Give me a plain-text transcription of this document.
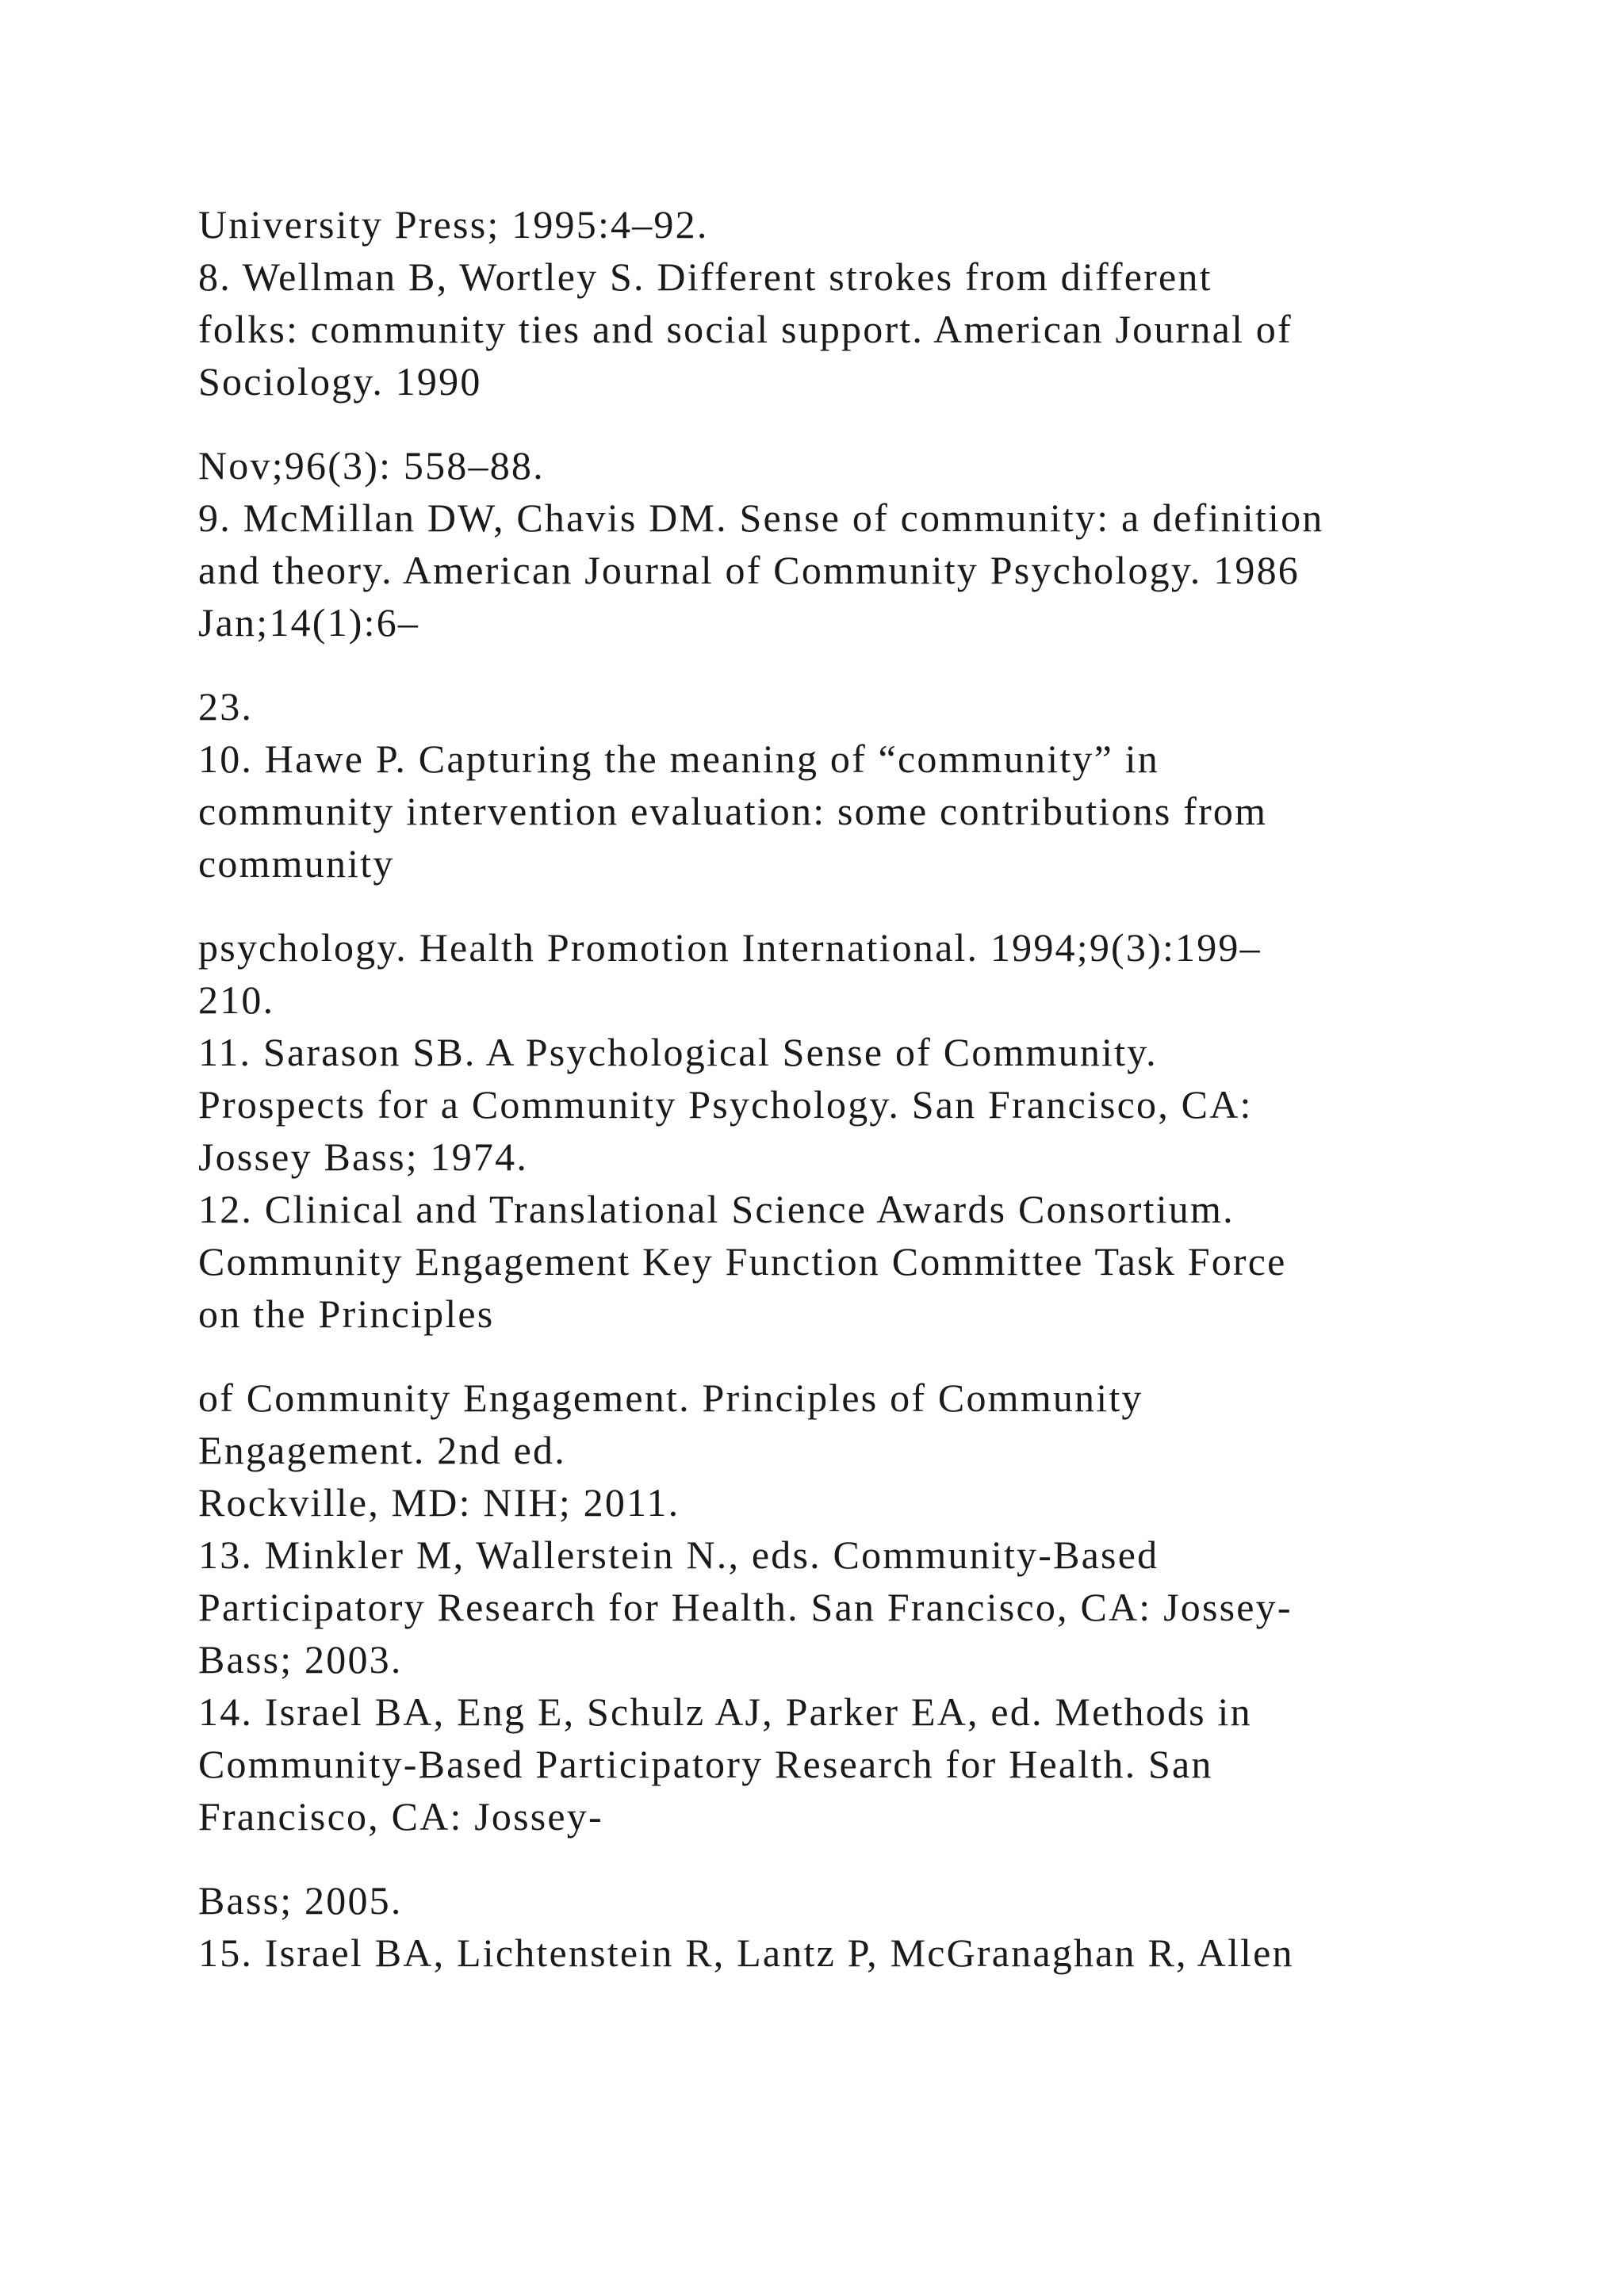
University Press; 1995:4–92.
8. Wellman B, Wortley S. Different strokes from different
folks: community ties and social support. American Journal of
Sociology. 1990
Nov;96(3): 558–88.
9. McMillan DW, Chavis DM. Sense of community: a definition
and theory. American Journal of Community Psychology. 1986
Jan;14(1):6–
23.
10. Hawe P. Capturing the meaning of “community” in
community intervention evaluation: some contributions from
community
psychology. Health Promotion International. 1994;9(3):199–
210.
11. Sarason SB. A Psychological Sense of Community.
Prospects for a Community Psychology. San Francisco, CA:
Jossey Bass; 1974.
12. Clinical and Translational Science Awards Consortium.
Community Engagement Key Function Committee Task Force
on the Principles
of Community Engagement. Principles of Community
Engagement. 2nd ed.
Rockville, MD: NIH; 2011.
13. Minkler M, Wallerstein N., eds. Community-Based
Participatory Research for Health. San Francisco, CA: Jossey-
Bass; 2003.
14. Israel BA, Eng E, Schulz AJ, Parker EA, ed. Methods in
Community-Based Participatory Research for Health. San
Francisco, CA: Jossey-
Bass; 2005.
15. Israel BA, Lichtenstein R, Lantz P, McGranaghan R, Allen
